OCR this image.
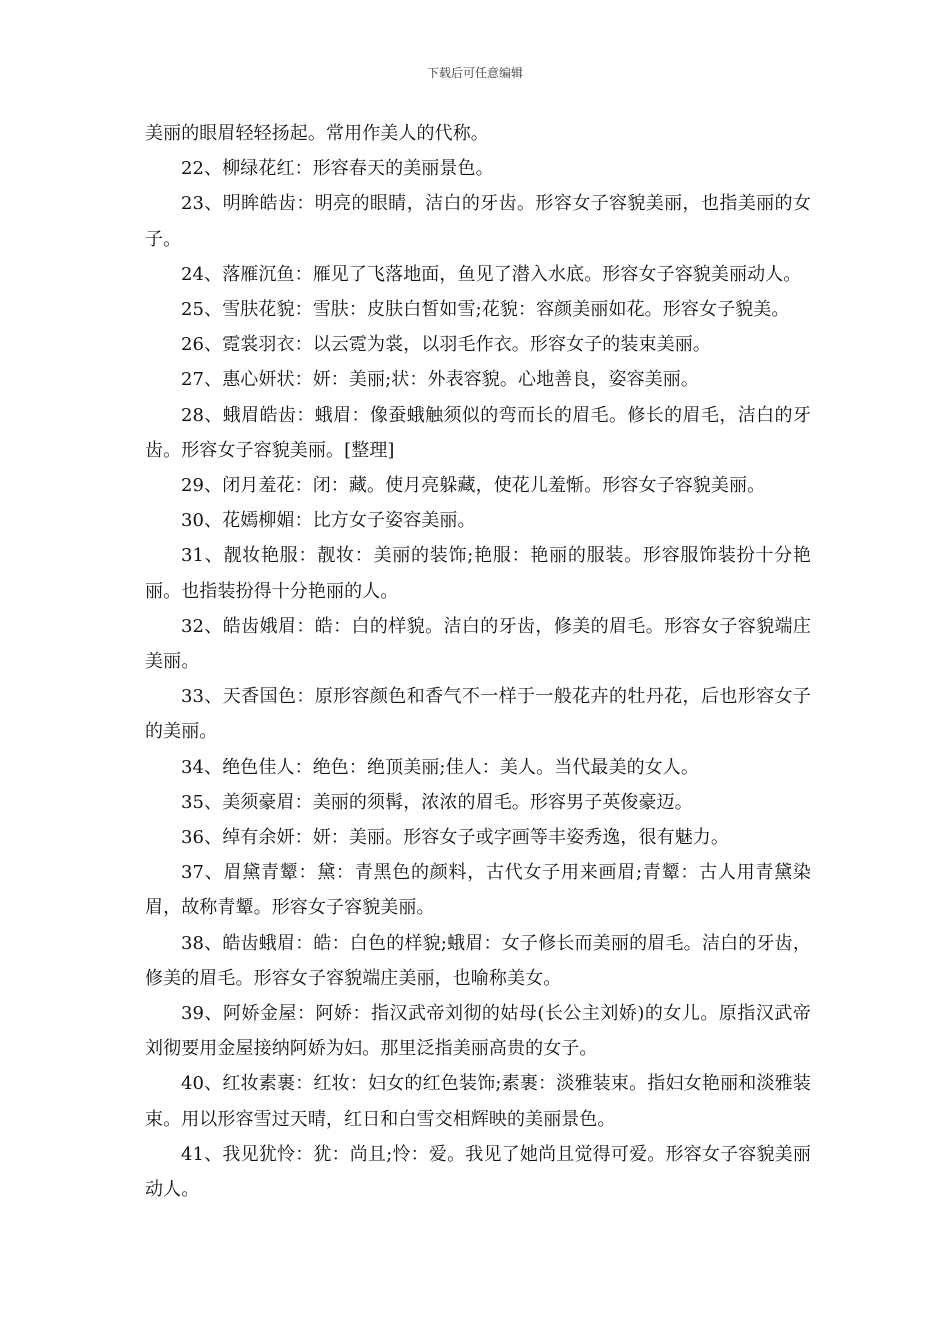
下载后可任意编辑

美丽的眼眉轻轻扬起。常用作美人的代称。

22、柳绿花红：形容春天的美丽景色。

23、明眸皓齿：明亮的眼睛，洁白的牙齿。形容女子容貌美丽，也指美丽的女子。

24、落雁沉鱼：雁见了飞落地面，鱼见了潜入水底。形容女子容貌美丽动人。

25、雪肤花貌：雪肤：皮肤白皙如雪;花貌：容颜美丽如花。形容女子貌美。

26、霓裳羽衣：以云霓为裳，以羽毛作衣。形容女子的装束美丽。

27、惠心妍状：妍：美丽;状：外表容貌。心地善良，姿容美丽。

28、蛾眉皓齿：蛾眉：像蚕蛾触须似的弯而长的眉毛。修长的眉毛，洁白的牙齿。形容女子容貌美丽。[整理]

29、闭月羞花：闭：藏。使月亮躲藏，使花儿羞惭。形容女子容貌美丽。

30、花嫣柳媚：比方女子姿容美丽。

31、靓妆艳服：靓妆：美丽的装饰;艳服：艳丽的服装。形容服饰装扮十分艳丽。也指装扮得十分艳丽的人。

32、皓齿娥眉：皓：白的样貌。洁白的牙齿，修美的眉毛。形容女子容貌端庄美丽。

33、天香国色：原形容颜色和香气不一样于一般花卉的牡丹花，后也形容女子的美丽。

34、绝色佳人：绝色：绝顶美丽;佳人：美人。当代最美的女人。

35、美须豪眉：美丽的须髯，浓浓的眉毛。形容男子英俊豪迈。

36、绰有余妍：妍：美丽。形容女子或字画等丰姿秀逸，很有魅力。

37、眉黛青颦：黛：青黑色的颜料，古代女子用来画眉;青颦：古人用青黛染眉，故称青颦。形容女子容貌美丽。

38、皓齿蛾眉：皓：白色的样貌;蛾眉：女子修长而美丽的眉毛。洁白的牙齿，修美的眉毛。形容女子容貌端庄美丽，也喻称美女。

39、阿娇金屋：阿娇：指汉武帝刘彻的姑母(长公主刘娇)的女儿。原指汉武帝刘彻要用金屋接纳阿娇为妇。那里泛指美丽高贵的女子。

40、红妆素裹：红妆：妇女的红色装饰;素裹：淡雅装束。指妇女艳丽和淡雅装束。用以形容雪过天晴，红日和白雪交相辉映的美丽景色。

41、我见犹怜：犹：尚且;怜：爱。我见了她尚且觉得可爱。形容女子容貌美丽动人。
